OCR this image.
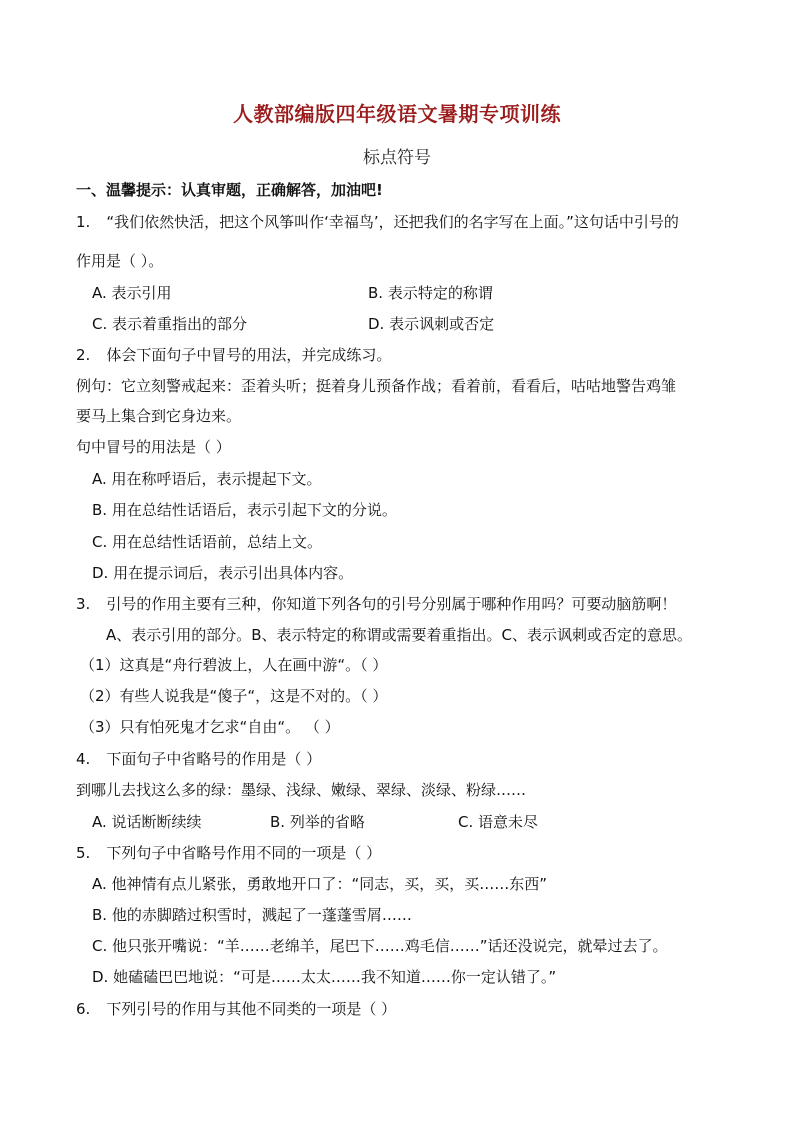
人教部编版四年级语文暑期专项训练
标点符号
一、温馨提示：认真审题，正确解答，加油吧!
1. “我们依然快活，把这个风筝叫作‘幸福鸟’，还把我们的名字写在上面。”这句话中引号的
作用是（ ）。
A. 表示引用	B. 表示特定的称谓
C. 表示着重指出的部分	D. 表示讽刺或否定
2. 体会下面句子中冒号的用法，并完成练习。
例句：它立刻警戒起来：歪着头听；挺着身儿预备作战；看着前，看看后，咕咕地警告鸡雏
要马上集合到它身边来。
句中冒号的用法是（ ）
A. 用在称呼语后，表示提起下文。
B. 用在总结性话语后，表示引起下文的分说。
C. 用在总结性话语前，总结上文。
D. 用在提示词后，表示引出具体内容。
3. 引号的作用主要有三种，你知道下列各句的引号分别属于哪种作用吗？可要动脑筋啊！
A、表示引用的部分。B、表示特定的称谓或需要着重指出。C、表示讽刺或否定的意思。
（1）这真是“舟行碧波上，人在画中游“。（ ）
（2）有些人说我是“傻子“，这是不对的。（ ）
（3）只有怕死鬼才乞求“自由“。 （ ）
4. 下面句子中省略号的作用是（ ）
到哪儿去找这么多的绿：墨绿、浅绿、嫩绿、翠绿、淡绿、粉绿……
A. 说话断断续续	B. 列举的省略	C. 语意未尽
5. 下列句子中省略号作用不同的一项是（ ）
A. 他神情有点儿紧张，勇敢地开口了：“同志，买，买，买……东西”
B. 他的赤脚踏过积雪时，溅起了一蓬蓬雪屑……
C. 他只张开嘴说：“羊……老绵羊，尾巴下……鸡毛信……”话还没说完，就晕过去了。
D. 她磕磕巴巴地说：“可是……太太……我不知道……你一定认错了。”
6. 下列引号的作用与其他不同类的一项是（ ）
